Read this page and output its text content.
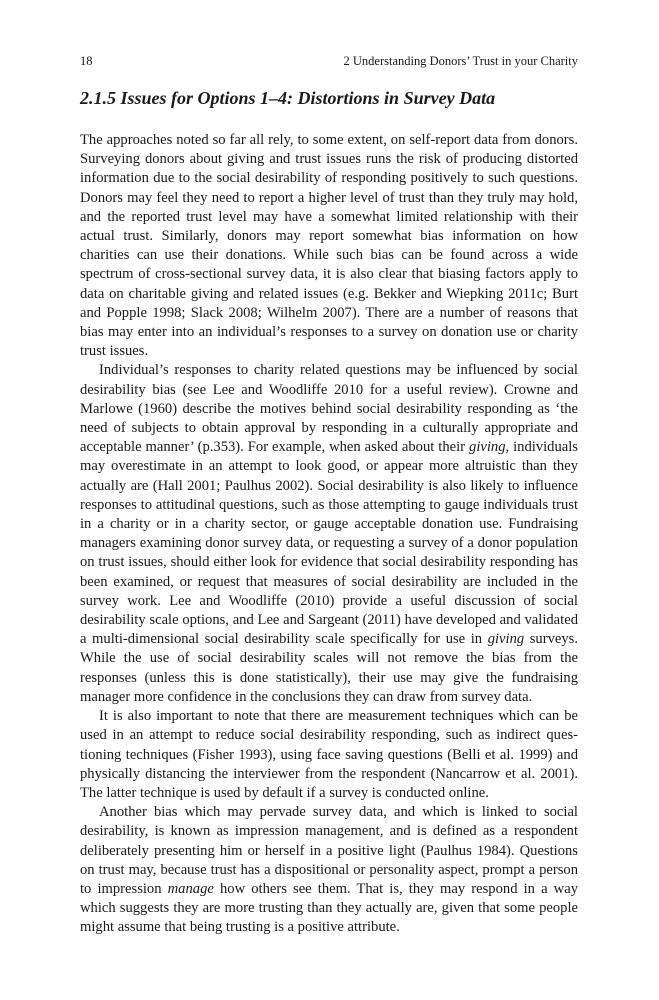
18	2 Understanding Donors’ Trust in your Charity
2.1.5 Issues for Options 1–4: Distortions in Survey Data

The approaches noted so far all rely, to some extent, on self-report data from donors. Surveying donors about giving and trust issues runs the risk of producing distorted information due to the social desirability of responding positively to such questions. Donors may feel they need to report a higher level of trust than they truly may hold, and the reported trust level may have a somewhat limited relationship with their actual trust. Similarly, donors may report somewhat bias information on how charities can use their donations. While such bias can be found across a wide spectrum of cross-sectional survey data, it is also clear that biasing factors apply to data on charitable giving and related issues (e.g. Bekker and Wiepking 2011c; Burt and Popple 1998; Slack 2008; Wilhelm 2007). There are a number of reasons that bias may enter into an individual’s responses to a survey on donation use or charity trust issues.

Individual’s responses to charity related questions may be influenced by social desirability bias (see Lee and Woodliffe 2010 for a useful review). Crowne and Marlowe (1960) describe the motives behind social desirability responding as ‘the need of subjects to obtain approval by responding in a culturally appropriate and acceptable manner’ (p.353). For example, when asked about their giving, individuals may overestimate in an attempt to look good, or appear more altruistic than they actually are (Hall 2001; Paulhus 2002). Social desirability is also likely to influence responses to attitudinal questions, such as those attempting to gauge individuals trust in a charity or in a charity sector, or gauge acceptable donation use. Fundraising managers examining donor survey data, or requesting a survey of a donor population on trust issues, should either look for evidence that social desirability responding has been examined, or request that measures of social desirability are included in the survey work. Lee and Woodliffe (2010) provide a useful discussion of social desirability scale options, and Lee and Sargeant (2011) have developed and validated a multi-dimensional social desirability scale specifically for use in giving surveys. While the use of social desirability scales will not remove the bias from the responses (unless this is done statistically), their use may give the fundraising manager more confidence in the conclusions they can draw from survey data.

It is also important to note that there are measurement techniques which can be used in an attempt to reduce social desirability responding, such as indirect questioning techniques (Fisher 1993), using face saving questions (Belli et al. 1999) and physically distancing the interviewer from the respondent (Nancarrow et al. 2001). The latter technique is used by default if a survey is conducted online.

Another bias which may pervade survey data, and which is linked to social desirability, is known as impression management, and is defined as a respondent deliberately presenting him or herself in a positive light (Paulhus 1984). Questions on trust may, because trust has a dispositional or personality aspect, prompt a person to impression manage how others see them. That is, they may respond in a way which suggests they are more trusting than they actually are, given that some people might assume that being trusting is a positive attribute.
